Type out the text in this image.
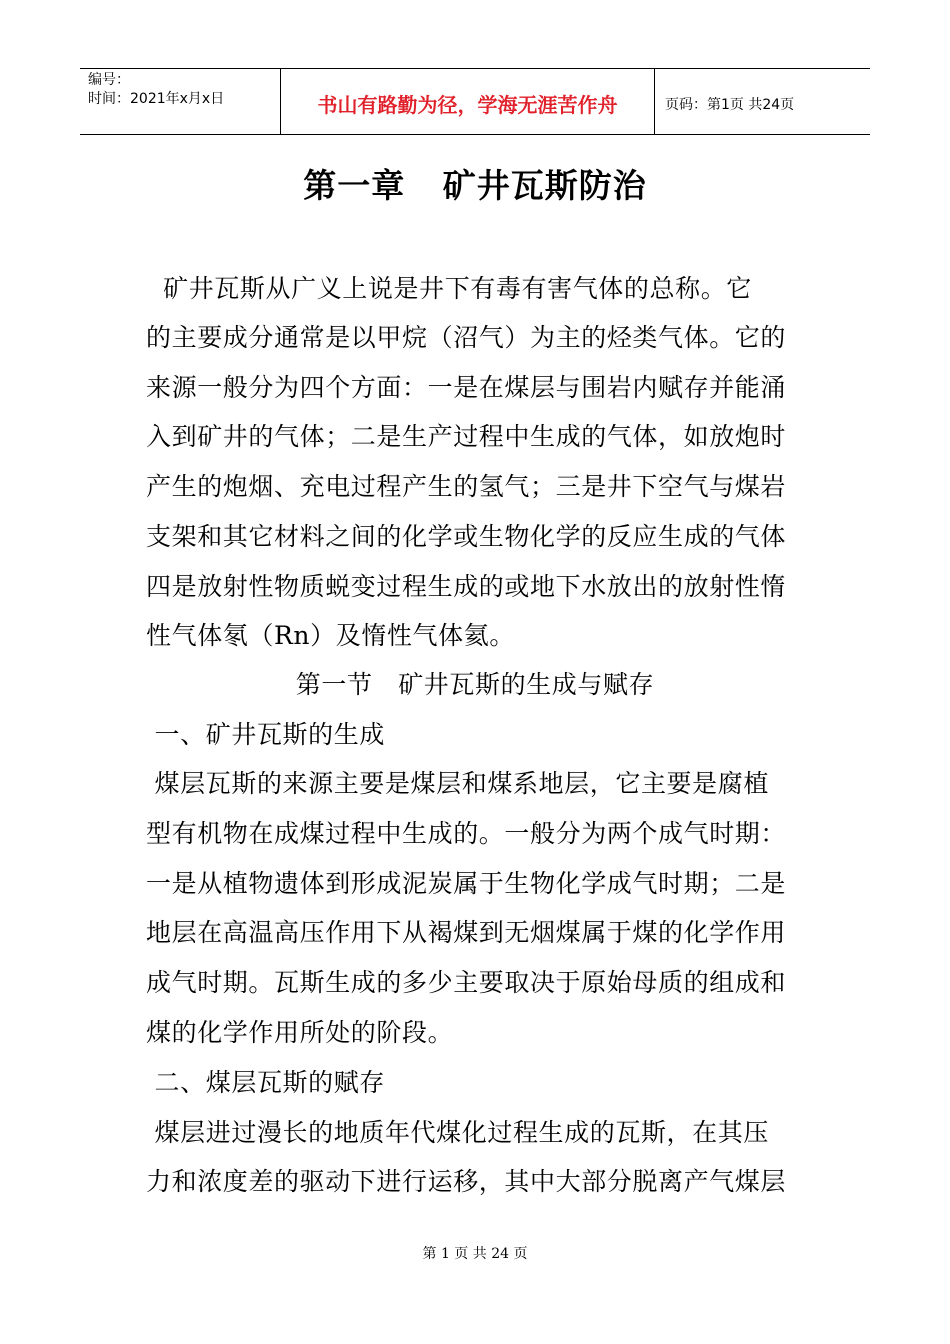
编号：
时间：2021年x月x日	书山有路勤为径，学海无涯苦作舟	页码：第1页 共24页
第一章   矿井瓦斯防治
矿井瓦斯从广义上说是井下有毒有害气体的总称。它
的主要成分通常是以甲烷（沼气）为主的烃类气体。它的
来源一般分为四个方面：一是在煤层与围岩内赋存并能涌
入到矿井的气体；二是生产过程中生成的气体，如放炮时
产生的炮烟、充电过程产生的氢气；三是井下空气与煤岩
支架和其它材料之间的化学或生物化学的反应生成的气体
四是放射性物质蜕变过程生成的或地下水放出的放射性惰
性气体氡（Rn）及惰性气体氦。
第一节   矿井瓦斯的生成与赋存
一、矿井瓦斯的生成
煤层瓦斯的来源主要是煤层和煤系地层，它主要是腐植
型有机物在成煤过程中生成的。一般分为两个成气时期：
一是从植物遗体到形成泥炭属于生物化学成气时期；二是
地层在高温高压作用下从褐煤到无烟煤属于煤的化学作用
成气时期。瓦斯生成的多少主要取决于原始母质的组成和
煤的化学作用所处的阶段。
二、煤层瓦斯的赋存
煤层进过漫长的地质年代煤化过程生成的瓦斯，在其压
力和浓度差的驱动下进行运移，其中大部分脱离产气煤层
第 1 页 共 24 页
